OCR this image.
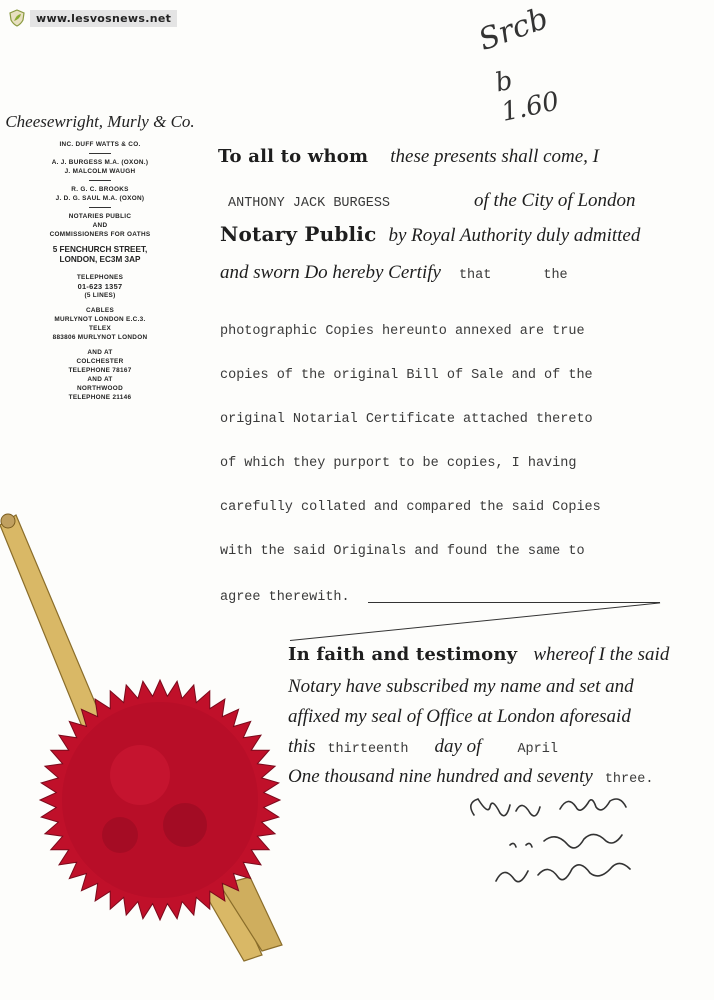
www.lesvosnews.net	Srcb
b 1.60
Cheesewright, Murly & Co.
INC. DUFF WATTS & CO.
A. J. BURGESS M.A. (OXON.)
J. MALCOLM WAUGH
R. G. C. BROOKS
J. D. G. SAUL M.A. (OXON)
NOTARIES PUBLIC
AND
COMMISSIONERS FOR OATHS
5 FENCHURCH STREET,
LONDON, EC3M 3AP
TELEPHONES
01-623 1357
(5 LINES)
CABLES
MURLYNOT LONDON E.C.3.
TELEX
883806 MURLYNOT LONDON
AND AT
COLCHESTER
TELEPHONE 78167
AND AT
NORTHWOOD
TELEPHONE 21146
To all to whom these presents shall come, I
ANTHONY JACK BURGESS	of the City of London
Notary Public by Royal Authority duly admitted
and sworn Do hereby Certify that	the
photographic Copies hereunto annexed are true
copies of the original Bill of Sale and of the
original Notarial Certificate attached thereto
of which they purport to be copies, I having
carefully collated and compared the said Copies
with the said Originals and found the same to
agree therewith.
In faith and testimony whereof I the said
Notary have subscribed my name and set and
affixed my seal of Office at London aforesaid
this thirteenth day of	April
One thousand nine hundred and seventy three.
